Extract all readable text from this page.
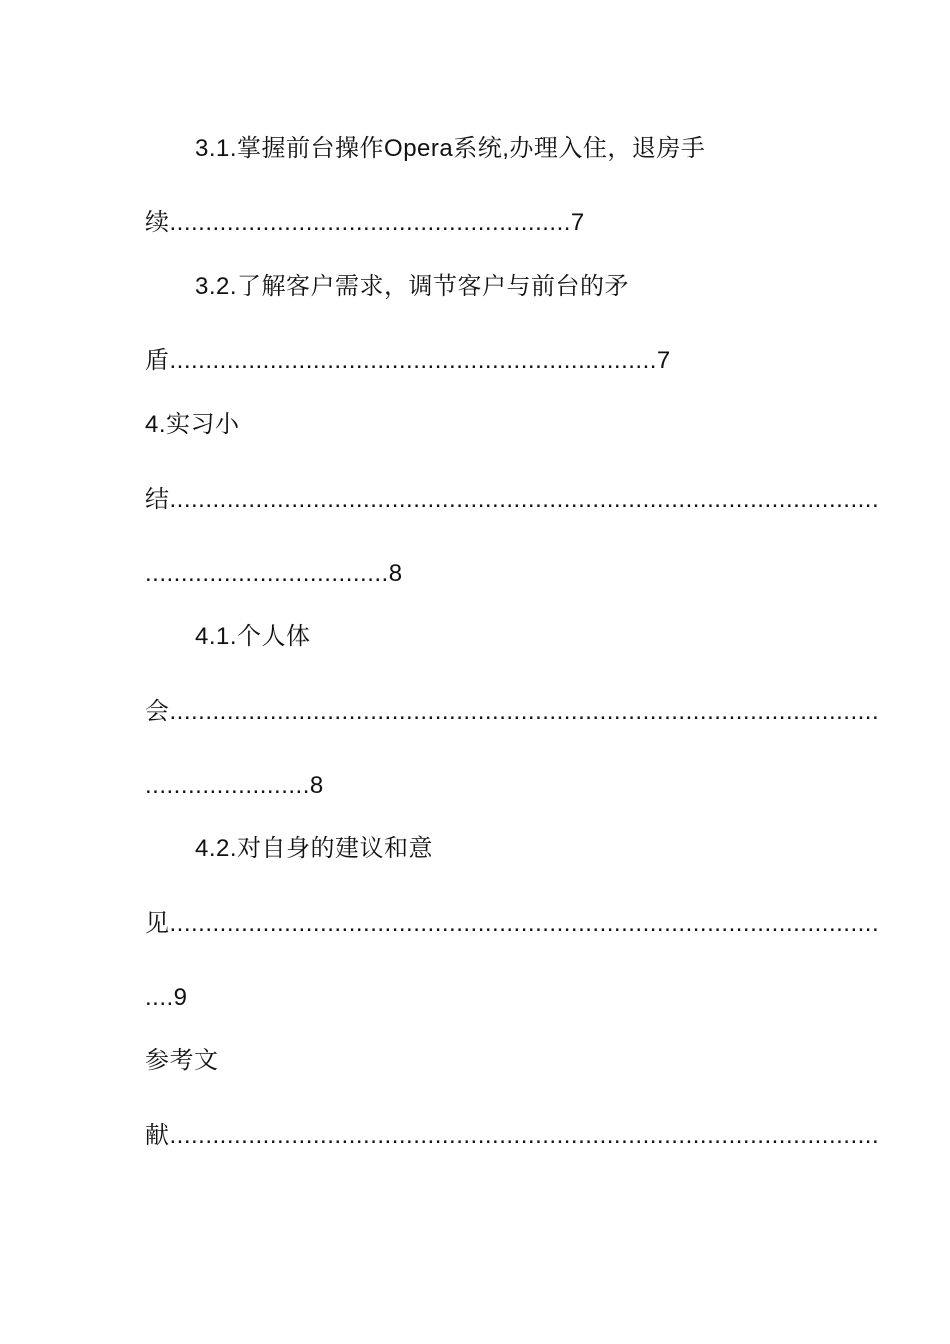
3.1.掌握前台操作Opera系统,办理入住，退房手
续........................................................7
3.2.了解客户需求，调节客户与前台的矛
盾....................................................................7
4.实习小
结...................................................................................................
..................................8
4.1.个人体
会...................................................................................................
.......................8
4.2.对自身的建议和意
见...................................................................................................
....9
参考文
献...................................................................................................
